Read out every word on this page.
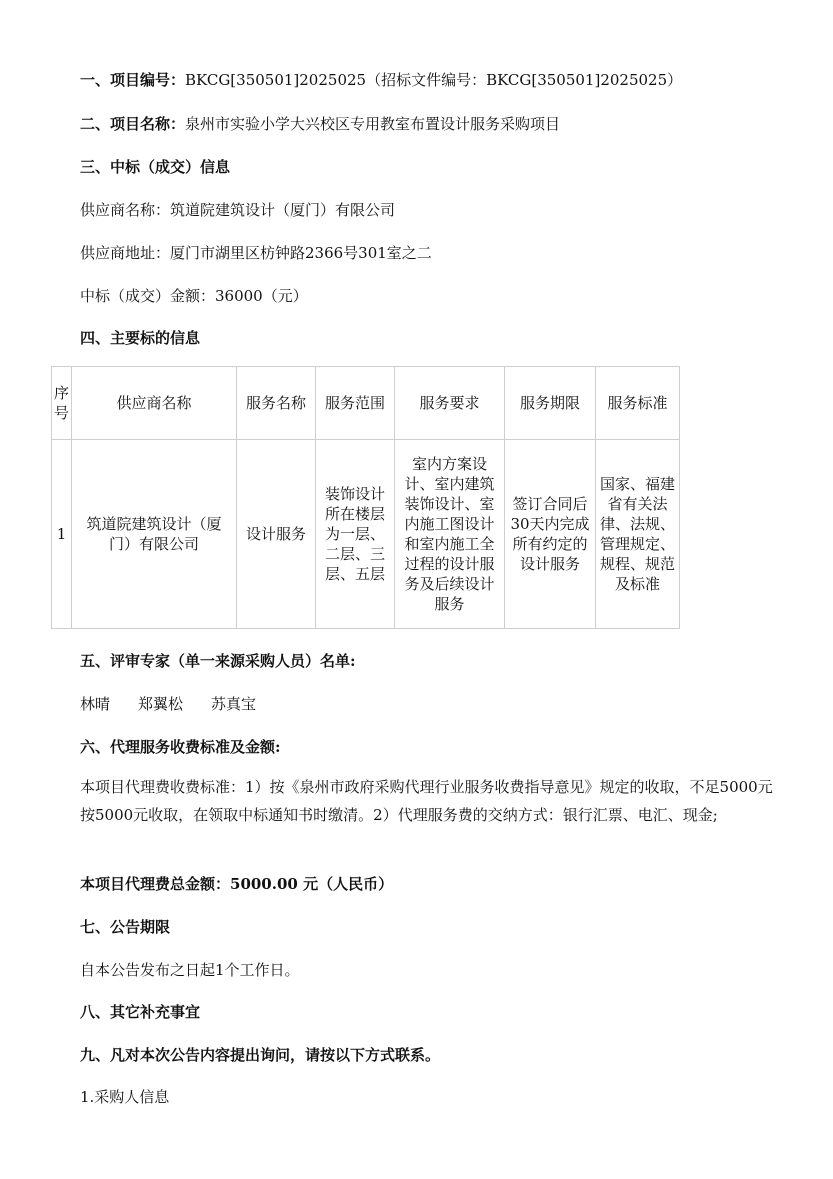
一、项目编号：BKCG[350501]2025025（招标文件编号：BKCG[350501]2025025）
二、项目名称：泉州市实验小学大兴校区专用教室布置设计服务采购项目
三、中标（成交）信息
供应商名称：筑道院建筑设计（厦门）有限公司
供应商地址：厦门市湖里区枋钟路2366号301室之二
中标（成交）金额：36000（元）
四、主要标的信息
序号	供应商名称	服务名称	服务范围	服务要求	服务期限	服务标准
1	筑道院建筑设计（厦门）有限公司	设计服务	装饰设计所在楼层为一层、二层、三层、五层	室内方案设计、室内建筑装饰设计、室内施工图设计和室内施工全过程的设计服务及后续设计服务	签订合同后30天内完成所有约定的设计服务	国家、福建省有关法律、法规、管理规定、规程、规范及标准
五、评审专家（单一来源采购人员）名单:
林晴 郑翼松 苏真宝
六、代理服务收费标准及金额:
本项目代理费收费标准：1）按《泉州市政府采购代理行业服务收费指导意见》规定的收取，不足5000元按5000元收取，在领取中标通知书时缴清。2）代理服务费的交纳方式：银行汇票、电汇、现金;
本项目代理费总金额：5000.00 元（人民币）
七、公告期限
自本公告发布之日起1个工作日。
八、其它补充事宜
九、凡对本次公告内容提出询问，请按以下方式联系。
1.采购人信息
